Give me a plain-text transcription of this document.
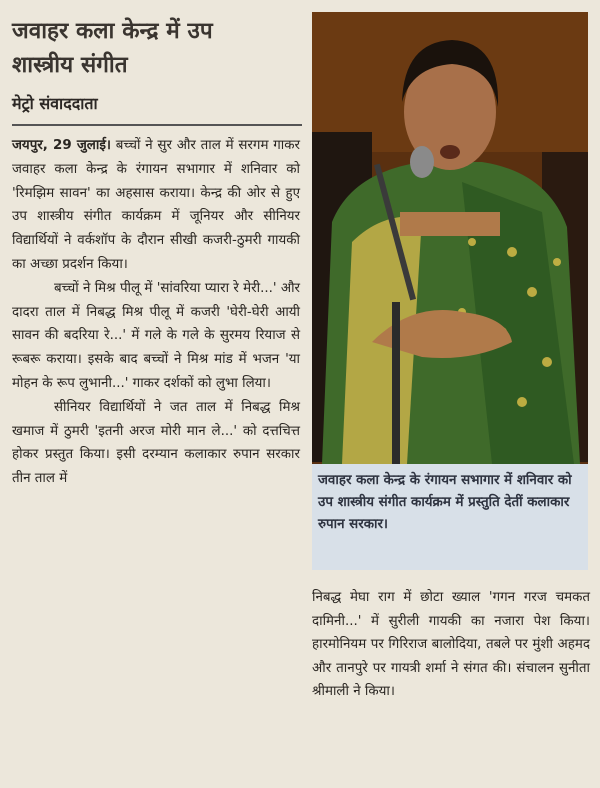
जवाहर कला केन्द्र में उप
शास्त्रीय संगीत
मेट्रो संवाददाता

जयपुर, 29 जुलाई। बच्चों ने सुर और ताल में सरगम गाकर जवाहर कला केन्द्र के रंगायन सभागार में शनिवार को 'रिमझिम सावन' का अहसास कराया। केन्द्र की ओर से हुए उप शास्त्रीय संगीत कार्यक्रम में जूनियर और सीनियर विद्यार्थियों ने वर्कशॉप के दौरान सीखी कजरी-ठुमरी गायकी का अच्छा प्रदर्शन किया।

बच्चों ने मिश्र पीलू में 'सांवरिया प्यारा रे मेरी...' और दादरा ताल में निबद्ध मिश्र पीलू में कजरी 'घेरी-घेरी आयी सावन की बदरिया रे...' में गले के गले के सुरमय रियाज से रूबरू कराया। इसके बाद बच्चों ने मिश्र मांड में भजन 'या मोहन के रूप लुभानी...' गाकर दर्शकों को लुभा लिया।

सीनियर विद्यार्थियों ने जत ताल में निबद्ध मिश्र खमाज में ठुमरी 'इतनी अरज मोरी मान ले...' को दत्तचित्त होकर प्रस्तुत किया। इसी दरम्यान कलाकार रुपान सरकार तीन ताल में	जवाहर कला केन्द्र के रंगायन सभागार में शनिवार को उप शास्त्रीय संगीत कार्यक्रम में प्रस्तुति देतीं कलाकार रुपान सरकार।

निबद्ध मेघा राग में छोटा ख्याल 'गगन गरज चमकत दामिनी...' में सुरीली गायकी का नजारा पेश किया। हारमोनियम पर गिरिराज बालोदिया, तबले पर मुंशी अहमद और तानपुरे पर गायत्री शर्मा ने संगत की। संचालन सुनीता श्रीमाली ने किया।
